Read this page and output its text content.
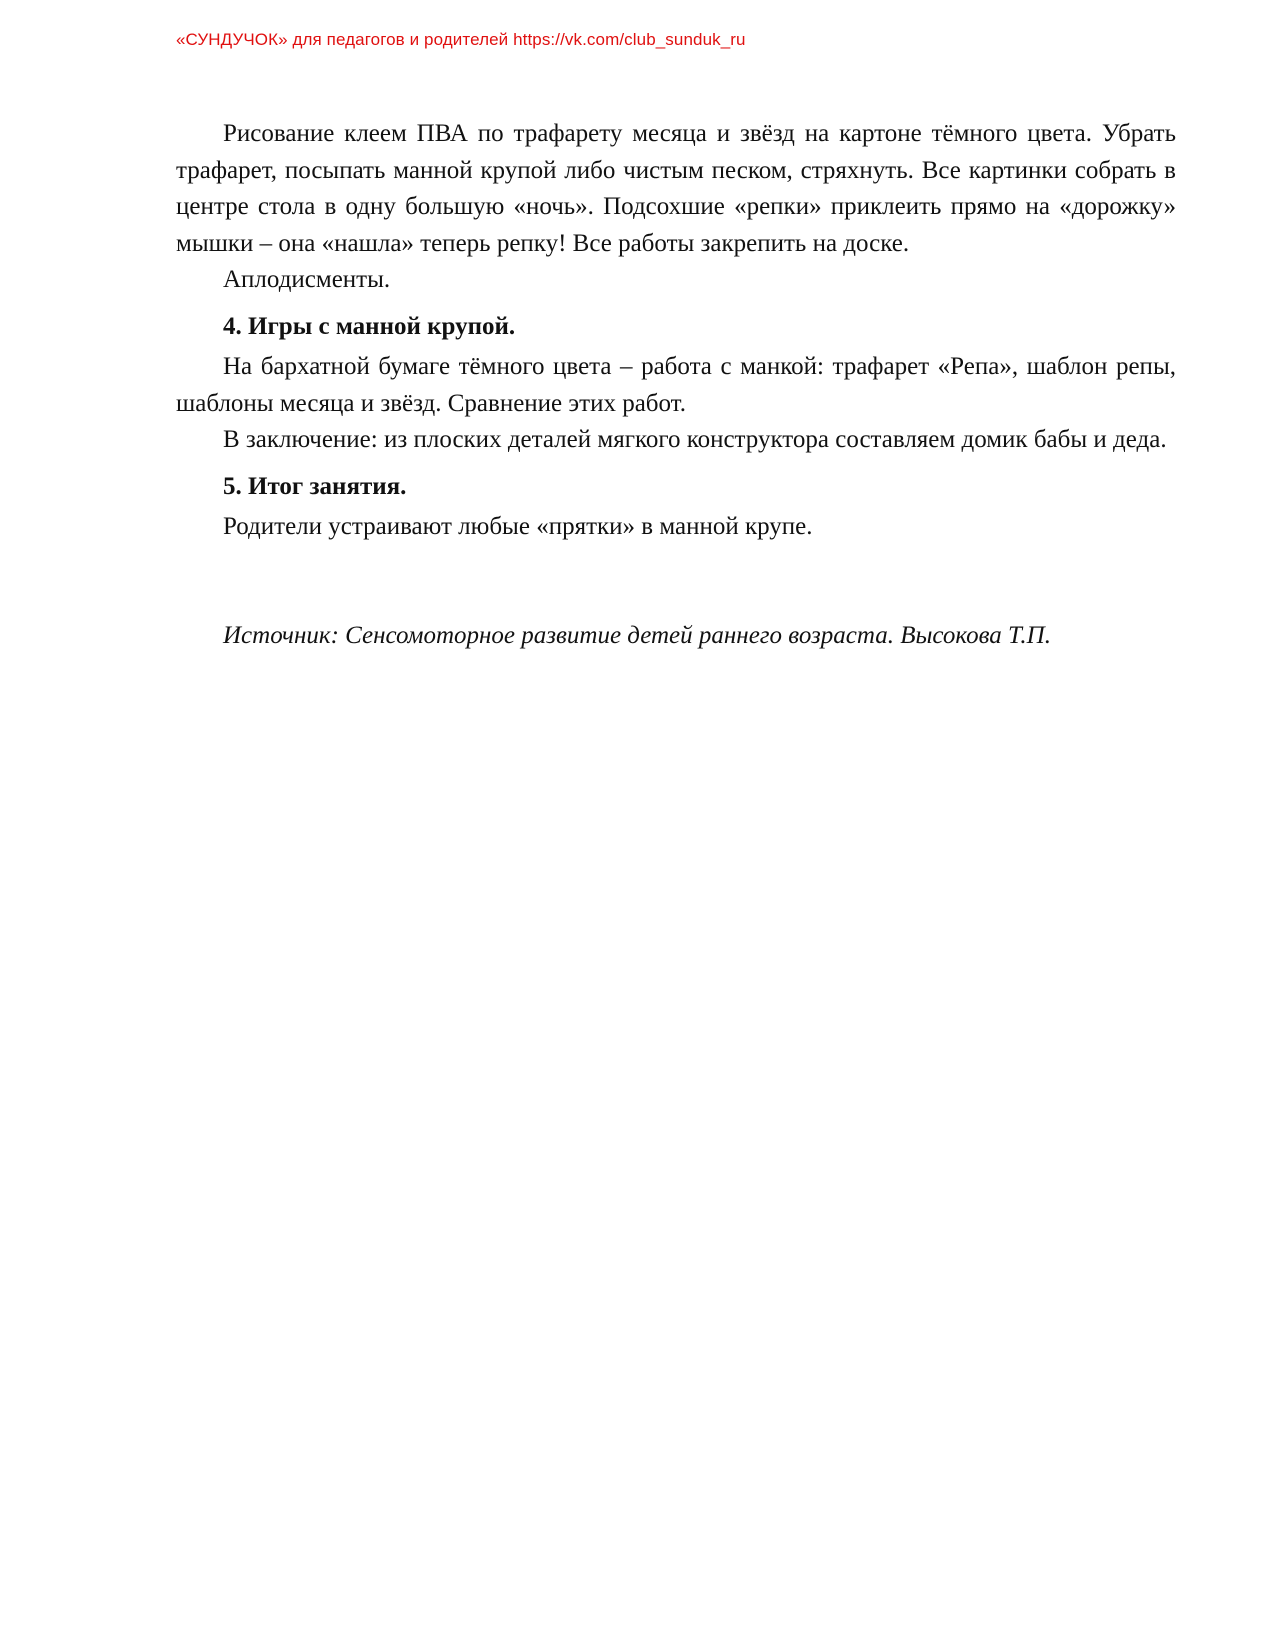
«СУНДУЧОК» для педагогов и родителей https://vk.com/club_sunduk_ru

Рисование клеем ПВА по трафарету месяца и звёзд на картоне тёмного цвета. Убрать трафарет, посыпать манной крупой либо чистым песком, стряхнуть. Все картинки собрать в центре стола в одну большую «ночь». Подсохшие «репки» приклеить прямо на «дорожку» мышки – она «нашла» теперь репку! Все работы закрепить на доске.

Аплодисменты.

4. Игры с манной крупой.

На бархатной бумаге тёмного цвета – работа с манкой: трафарет «Репа», шаблон репы, шаблоны месяца и звёзд. Сравнение этих работ.

В заключение: из плоских деталей мягкого конструктора составляем домик бабы и деда.

5. Итог занятия.

Родители устраивают любые «прятки» в манной крупе.

Источник: Сенсомоторное развитие детей раннего возраста. Высокова Т.П.
